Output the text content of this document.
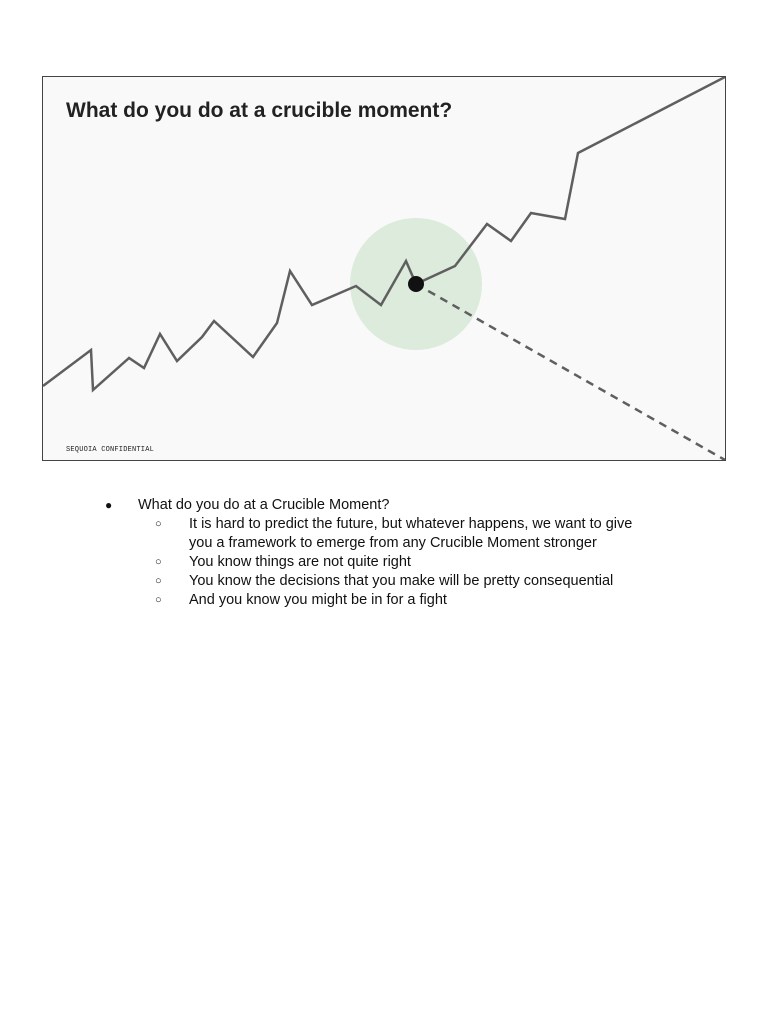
What do you do at a crucible moment?
SEQUOIA CONFIDENTIAL
● What do you do at a Crucible Moment?
○ It is hard to predict the future, but whatever happens, we want to give you a framework to emerge from any Crucible Moment stronger
○ You know things are not quite right
○ You know the decisions that you make will be pretty consequential
○ And you know you might be in for a fight
